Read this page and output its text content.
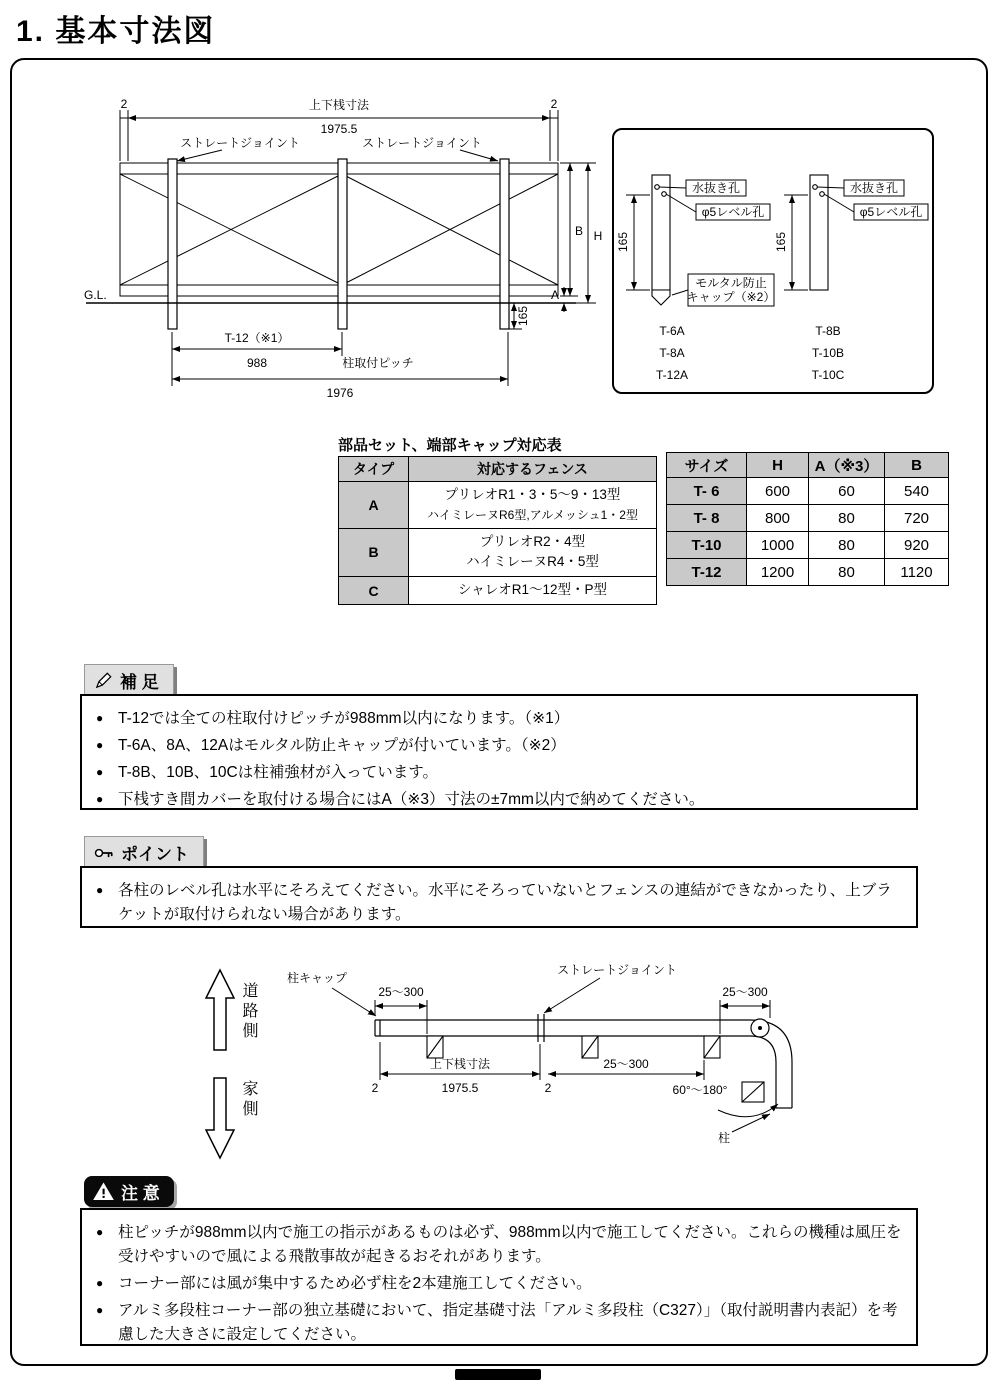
1. 基本寸法図
2	上下桟寸法
1975.5
2
ストレートジョイント	ストレートジョイント
G.L.
B H
A
165
T-12（※1）
988	柱取付ピッチ
1976
165
水抜き孔
φ5レベル孔
モルタル防止
キャップ（※2）
T-6A
T-8A
T-12A
165
水抜き孔
φ5レベル孔
T-8B
T-10B
T-10C
部品セット、端部キャップ対応表
タイプ	対応するフェンス
A	プリレオR1・3・5〜9・13型
ハイミレーヌR6型,アルメッシュ1・2型

B	プリレオR2・4型
ハイミレーヌR4・5型

C	シャレオR1〜12型・P型
サイズ	H	A（※3）	B
T- 6	600	60	540
T- 8	800	80	720
T-10	1000	80	920
T-12	1200	80	1120
補 足
● T-12では全ての柱取付けピッチが988mm以内になります。（※1）
● T-6A、8A、12Aはモルタル防止キャップが付いています。（※2）
● T-8B、10B、10Cは柱補強材が入っています。
● 下桟すき間カバーを取付ける場合にはA（※3）寸法の±7mm以内で納めてください。
ポイント
● 各柱のレベル孔は水平にそろえてください。水平にそろっていないとフェンスの連結ができなかったり、上ブラケットが取付けられない場合があります。
柱キャップ
25〜300
ストレートジョイント
25〜300
2
上下桟寸法
1975.5	2
25〜300
60°〜180°
柱
道路側
家側
注 意
● 柱ピッチが988mm以内で施工の指示があるものは必ず、988mm以内で施工してください。これらの機種は風圧を受けやすいので風による飛散事故が起きるおそれがあります。
● コーナー部には風が集中するため必ず柱を2本建施工してください。
● アルミ多段柱コーナー部の独立基礎において、指定基礎寸法「アルミ多段柱（C327）」（取付説明書内表記）を考慮した大きさに設定してください。
